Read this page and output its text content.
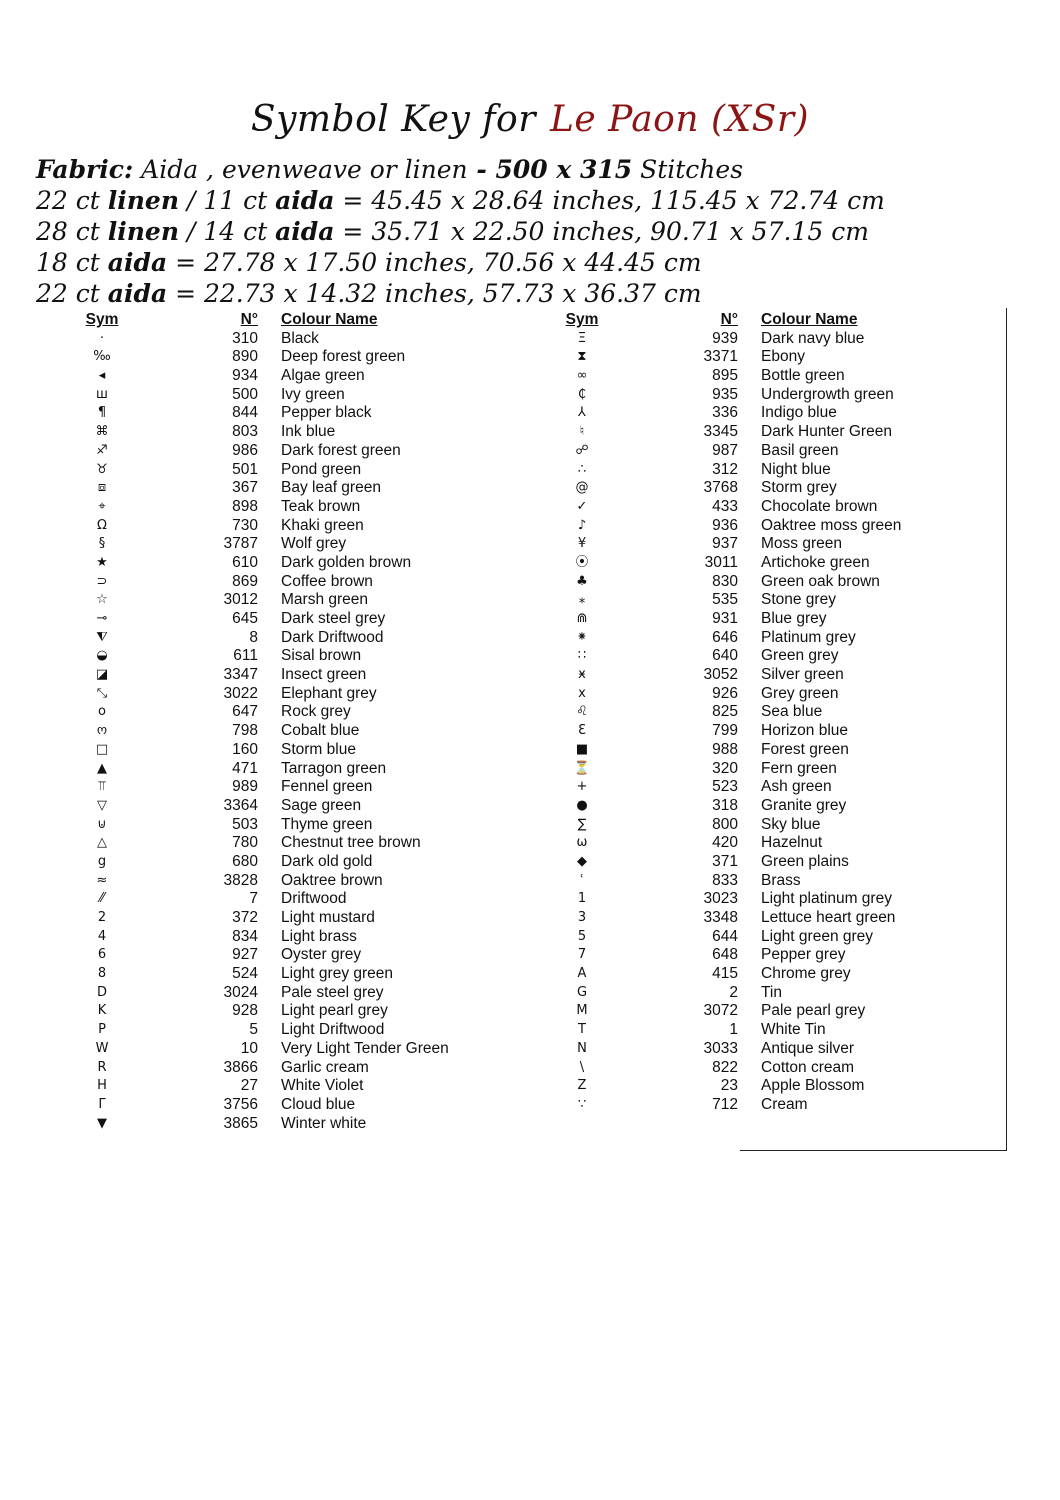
Symbol Key for Le Paon (XSr)
Fabric: Aida , evenweave or linen - 500 x 315 Stitches
22 ct linen / 11 ct aida = 45.45 x 28.64 inches, 115.45 x 72.74 cm
28 ct linen / 14 ct aida = 35.71 x 22.50 inches, 90.71 x 57.15 cm
18 ct aida = 27.78 x 17.50 inches, 70.56 x 44.45 cm
22 ct aida = 22.73 x 14.32 inches, 57.73 x 36.37 cm
Sym	N° Colour Name
·	310 Black
‰	890 Deep forest green
◂	934 Algae green
ш	500 Ivy green
¶	844 Pepper black
⌘	803 Ink blue
♐	986 Dark forest green
♉	501 Pond green
⧈	367 Bay leaf green
⌖	898 Teak brown
Ω	730 Khaki green
§	3787 Wolf grey
★	610 Dark golden brown
⊃	869 Coffee brown
☆	3012 Marsh green
⊸	645 Dark steel grey
⧨	8 Dark Driftwood
◒	611 Sisal brown
◪	3347 Insect green
⤡	3022 Elephant grey
o	647 Rock grey
ო	798 Cobalt blue
□	160 Storm blue
▲	471 Tarragon green
⫪	989 Fennel green
▽	3364 Sage green
⊍	503 Thyme green
△	780 Chestnut tree brown
g	680 Dark old gold
≈	3828 Oaktree brown
⁄⁄	7 Driftwood
2	372 Light mustard
4	834 Light brass
6	927 Oyster grey
8	524 Light grey green
D	3024 Pale steel grey
K	928 Light pearl grey
P	5 Light Driftwood
W	10 Very Light Tender Green
R	3866 Garlic cream
H	27 White Violet
Γ	3756 Cloud blue
▼	3865 Winter white
Sym	N° Colour Name
Ξ	939 Dark navy blue
⧗	3371 Ebony
∞	895 Bottle green
₵	935 Undergrowth green
⅄	336 Indigo blue
♮	3345 Dark Hunter Green
☍	987 Basil green
∴	312 Night blue
@	3768 Storm grey
✓	433 Chocolate brown
♪	936 Oaktree moss green
¥	937 Moss green
⦿	3011 Artichoke green
♣	830 Green oak brown
⁎	535 Stone grey
⋒	931 Blue grey
⁕	646 Platinum grey
∷	640 Green grey
ӿ	3052 Silver green
x	926 Grey green
♌	825 Sea blue
Ɛ	799 Horizon blue
■	988 Forest green
⏳	320 Fern green
+	523 Ash green
●	318 Granite grey
∑	800 Sky blue
ω	420 Hazelnut
◆	371 Green plains
ʿ	833 Brass
1	3023 Light platinum grey
3	3348 Lettuce heart green
5	644 Light green grey
7	648 Pepper grey
A	415 Chrome grey
G	2 Tin
M	3072 Pale pearl grey
T	1 White Tin
N	3033 Antique silver
\	822 Cotton cream
Z	23 Apple Blossom
∵	712 Cream
